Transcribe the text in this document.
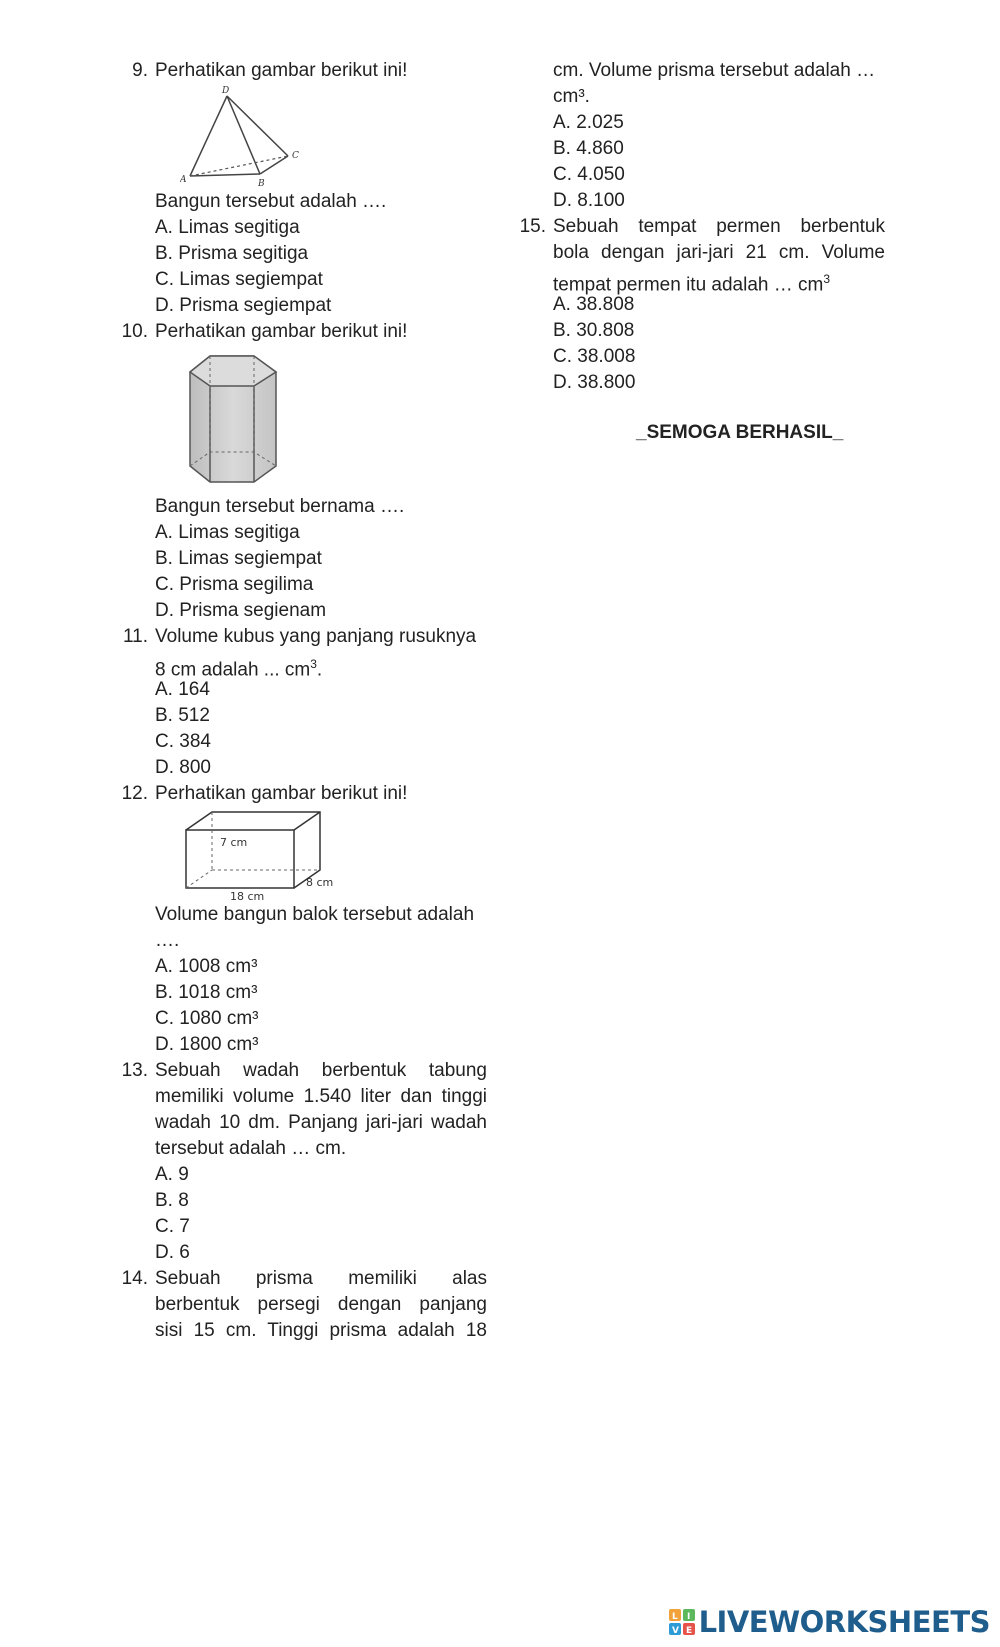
9. Perhatikan gambar berikut ini!
D
A	B
C
Bangun tersebut adalah ….
A. Limas segitiga
B. Prisma segitiga
C. Limas segiempat
D. Prisma segiempat
10. Perhatikan gambar berikut ini!
Bangun tersebut bernama ….
A. Limas segitiga
B. Limas segiempat
C. Prisma segilima
D. Prisma segienam
11. Volume kubus yang panjang rusuknya
8 cm adalah ... $cm^3$.
A. 164
B. 512
C. 384
D. 800
12. Perhatikan gambar berikut ini!
7 cm
18 cm
8 cm
Volume bangun balok tersebut adalah
….
A. 1008 cm³
B. 1018 cm³
C. 1080 cm³
D. 1800 cm³
13. Sebuah wadah berbentuk tabung
memiliki volume 1.540 liter dan tinggi
wadah 10 dm. Panjang jari-jari wadah
tersebut adalah … cm.
A. 9
B. 8
C. 7
D. 6
14. Sebuah prisma memiliki alas
berbentuk persegi dengan panjang
sisi 15 cm. Tinggi prisma adalah 18
cm. Volume prisma tersebut adalah …
cm³.
A. 2.025
B. 4.860
C. 4.050
D. 8.100
15. Sebuah tempat permen berbentuk
bola dengan jari-jari 21 cm. Volume
tempat permen itu adalah … $cm^3$
A. 38.808
B. 30.808
C. 38.008
D. 38.800
_SEMOGA BERHASIL_
L I
V E LIVEWORKSHEETS
